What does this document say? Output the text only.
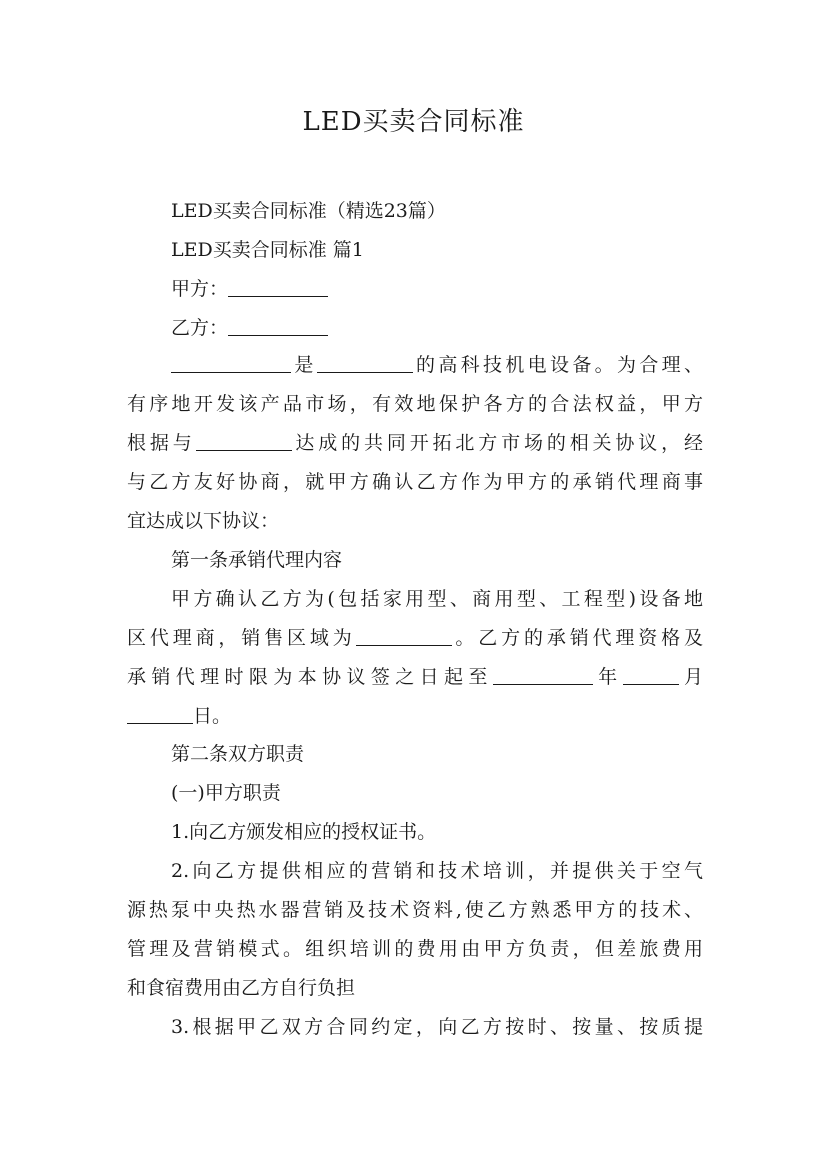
LED买卖合同标准
LED买卖合同标准（精选23篇）
LED买卖合同标准 篇1
甲方：
乙方：
是	的高科技机电设备。为合理、
有序地开发该产品市场，有效地保护各方的合法权益，甲方
根据与	达成的共同开拓北方市场的相关协议，经
与乙方友好协商，就甲方确认乙方作为甲方的承销代理商事
宜达成以下协议：
第一条承销代理内容
甲方确认乙方为(包括家用型、商用型、工程型)设备地
区代理商，销售区域为	。乙方的承销代理资格及
承销代理时限为本协议签之日起至	年	月
日。
第二条双方职责
(一)甲方职责
1.向乙方颁发相应的授权证书。
2.向乙方提供相应的营销和技术培训，并提供关于空气
源热泵中央热水器营销及技术资料,使乙方熟悉甲方的技术、
管理及营销模式。组织培训的费用由甲方负责，但差旅费用
和食宿费用由乙方自行负担
3.根据甲乙双方合同约定，向乙方按时、按量、按质提
